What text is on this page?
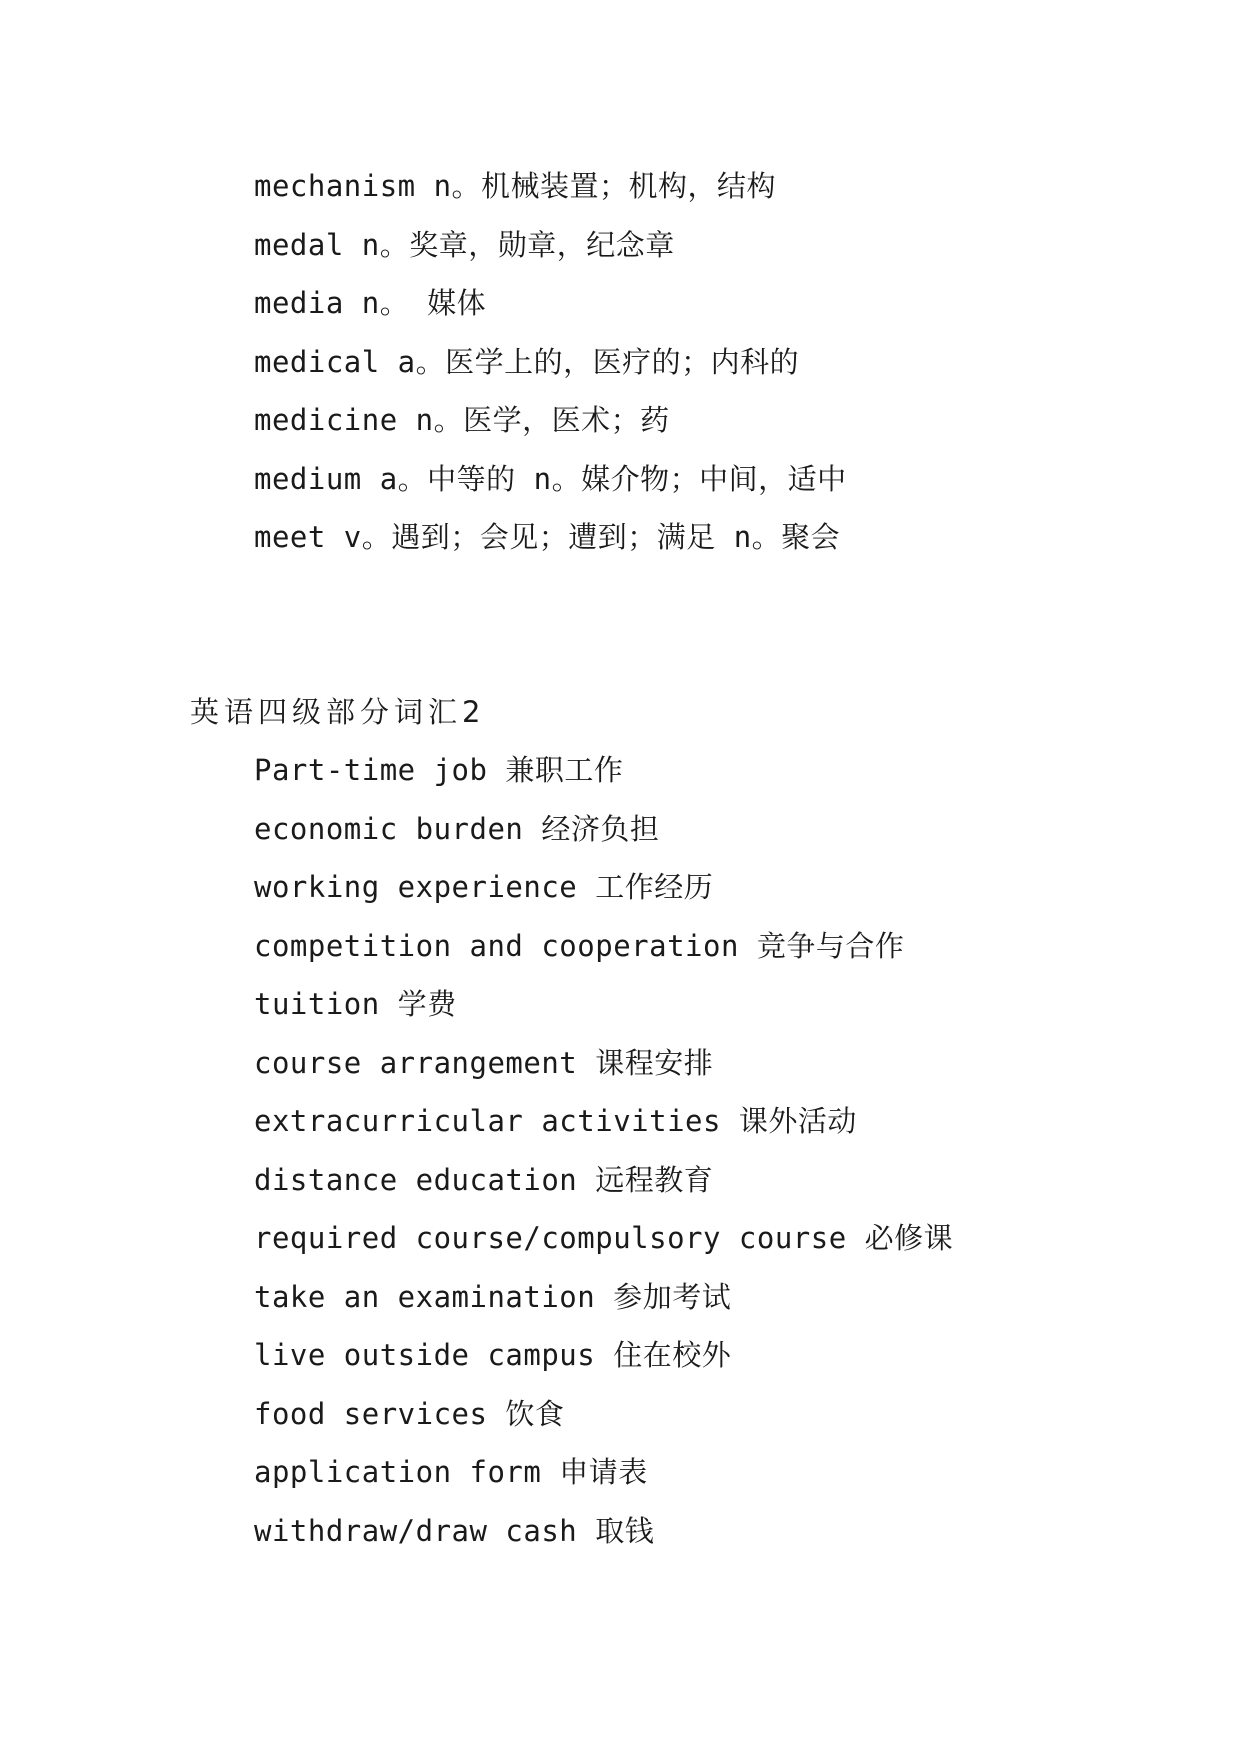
mechanism n。机械装置；机构，结构
medal n。奖章，勋章，纪念章
media n。 媒体
medical a。医学上的，医疗的；内科的
medicine n。医学，医术；药
medium a。中等的 n。媒介物；中间，适中
meet v。遇到；会见；遭到；满足 n。聚会
英语四级部分词汇2
Part-time job 兼职工作
economic burden 经济负担
working experience 工作经历
competition and cooperation 竞争与合作
tuition 学费
course arrangement 课程安排
extracurricular activities 课外活动
distance education 远程教育
required course/compulsory course 必修课
take an examination 参加考试
live outside campus 住在校外
food services 饮食
application form 申请表
withdraw/draw cash 取钱
